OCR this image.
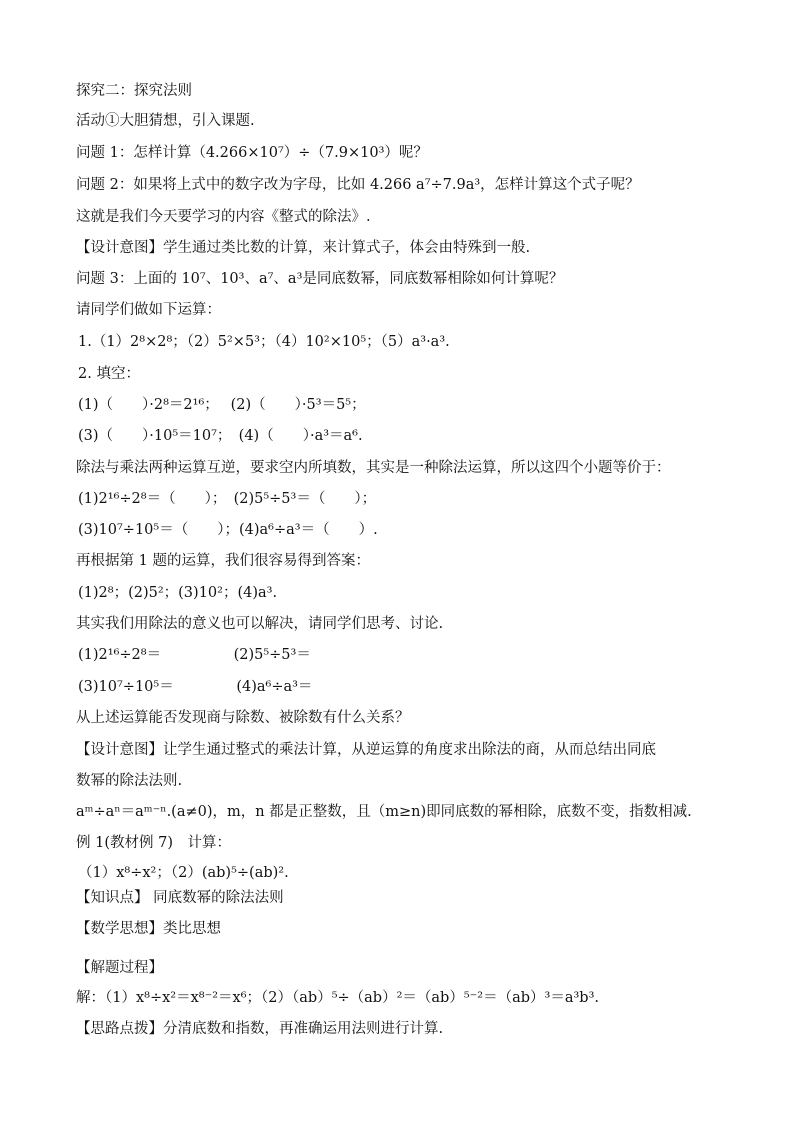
探究二：探究法则
活动①大胆猜想，引入课题.
问题 1：怎样计算（4.266×10⁷）÷（7.9×10³）呢？
问题 2：如果将上式中的数字改为字母，比如 4.266 a⁷÷7.9a³，怎样计算这个式子呢？
这就是我们今天要学习的内容《整式的除法》.
【设计意图】学生通过类比数的计算，来计算式子，体会由特殊到一般.
问题 3：上面的 10⁷、10³、a⁷、a³是同底数幂，同底数幂相除如何计算呢？
请同学们做如下运算：
1.（1）2⁸×2⁸；（2）5²×5³；（4）10²×10⁵；（5）a³·a³.
2. 填空：
(1)（　　）·2⁸＝2¹⁶；　 (2)（　　）·5³＝5⁵；
(3)（　　）·10⁵＝10⁷；　(4)（　　）·a³＝a⁶.
除法与乘法两种运算互逆，要求空内所填数，其实是一种除法运算，所以这四个小题等价于：
(1)2¹⁶÷2⁸＝（　　）；　(2)5⁵÷5³＝（　　）；
(3)10⁷÷10⁵＝（　　）；(4)a⁶÷a³＝（　　）.
再根据第 1 题的运算，我们很容易得到答案：
(1)2⁸；(2)5²；(3)10²；(4)a³.
其实我们用除法的意义也可以解决，请同学们思考、讨论.
(1)2¹⁶÷2⁸＝　　　　　(2)5⁵÷5³＝
(3)10⁷÷10⁵＝　　　　 (4)a⁶÷a³＝
从上述运算能否发现商与除数、被除数有什么关系？
【设计意图】让学生通过整式的乘法计算，从逆运算的角度求出除法的商，从而总结出同底
数幂的除法法则.
aᵐ÷aⁿ＝aᵐ⁻ⁿ.(a≠0)，m，n 都是正整数，且（m≥n)即同底数的幂相除，底数不变，指数相减.
例 1(教材例 7)　计算：
（1）x⁸÷x²；（2）(ab)⁵÷(ab)².
【知识点】 同底数幂的除法法则
【数学思想】类比思想
【解题过程】
解：（1）x⁸÷x²＝x⁸⁻²＝x⁶；（2）（ab）⁵÷（ab）²＝（ab）⁵⁻²＝（ab）³＝a³b³.
【思路点拨】分清底数和指数，再准确运用法则进行计算.
